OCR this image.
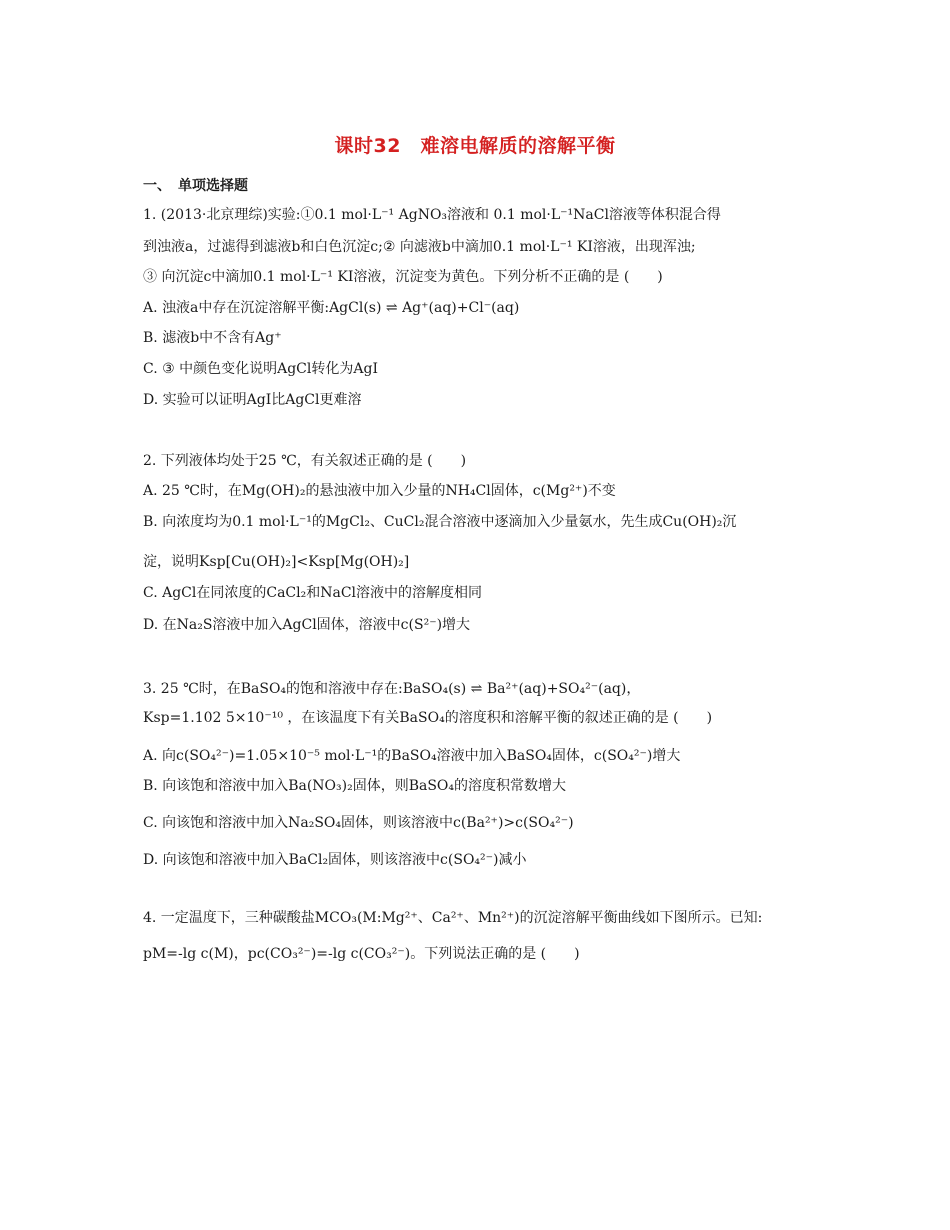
课时32　难溶电解质的溶解平衡
一、　单项选择题
1. (2013·北京理综)实验:①0.1 mol·L⁻¹ AgNO₃溶液和 0.1 mol·L⁻¹NaCl溶液等体积混合得
到浊液a，过滤得到滤液b和白色沉淀c;② 向滤液b中滴加0.1 mol·L⁻¹ KI溶液，出现浑浊;
③ 向沉淀c中滴加0.1 mol·L⁻¹ KI溶液，沉淀变为黄色。下列分析不正确的是 (　　)
A. 浊液a中存在沉淀溶解平衡:AgCl(s) ⇌ Ag⁺(aq)+Cl⁻(aq)
B. 滤液b中不含有Ag⁺
C. ③ 中颜色变化说明AgCl转化为AgI
D. 实验可以证明AgI比AgCl更难溶
2. 下列液体均处于25 ℃，有关叙述正确的是 (　　)
A. 25 ℃时，在Mg(OH)₂的悬浊液中加入少量的NH₄Cl固体，c(Mg²⁺)不变
B. 向浓度均为0.1 mol·L⁻¹的MgCl₂、CuCl₂混合溶液中逐滴加入少量氨水，先生成Cu(OH)₂沉
淀，说明Ksp[Cu(OH)₂]<Ksp[Mg(OH)₂]
C. AgCl在同浓度的CaCl₂和NaCl溶液中的溶解度相同
D. 在Na₂S溶液中加入AgCl固体，溶液中c(S²⁻)增大
3. 25 ℃时，在BaSO₄的饱和溶液中存在:BaSO₄(s) ⇌ Ba²⁺(aq)+SO₄²⁻(aq)，
Ksp=1.102 5×10⁻¹⁰ ，在该温度下有关BaSO₄的溶度积和溶解平衡的叙述正确的是 (　　)
A. 向c(SO₄²⁻)=1.05×10⁻⁵ mol·L⁻¹的BaSO₄溶液中加入BaSO₄固体，c(SO₄²⁻)增大
B. 向该饱和溶液中加入Ba(NO₃)₂固体，则BaSO₄的溶度积常数增大
C. 向该饱和溶液中加入Na₂SO₄固体，则该溶液中c(Ba²⁺)>c(SO₄²⁻)
D. 向该饱和溶液中加入BaCl₂固体，则该溶液中c(SO₄²⁻)减小
4. 一定温度下，三种碳酸盐MCO₃(M:Mg²⁺、Ca²⁺、Mn²⁺)的沉淀溶解平衡曲线如下图所示。已知:
pM=-lg c(M)，pc(CO₃²⁻)=-lg c(CO₃²⁻)。下列说法正确的是 (　　)
